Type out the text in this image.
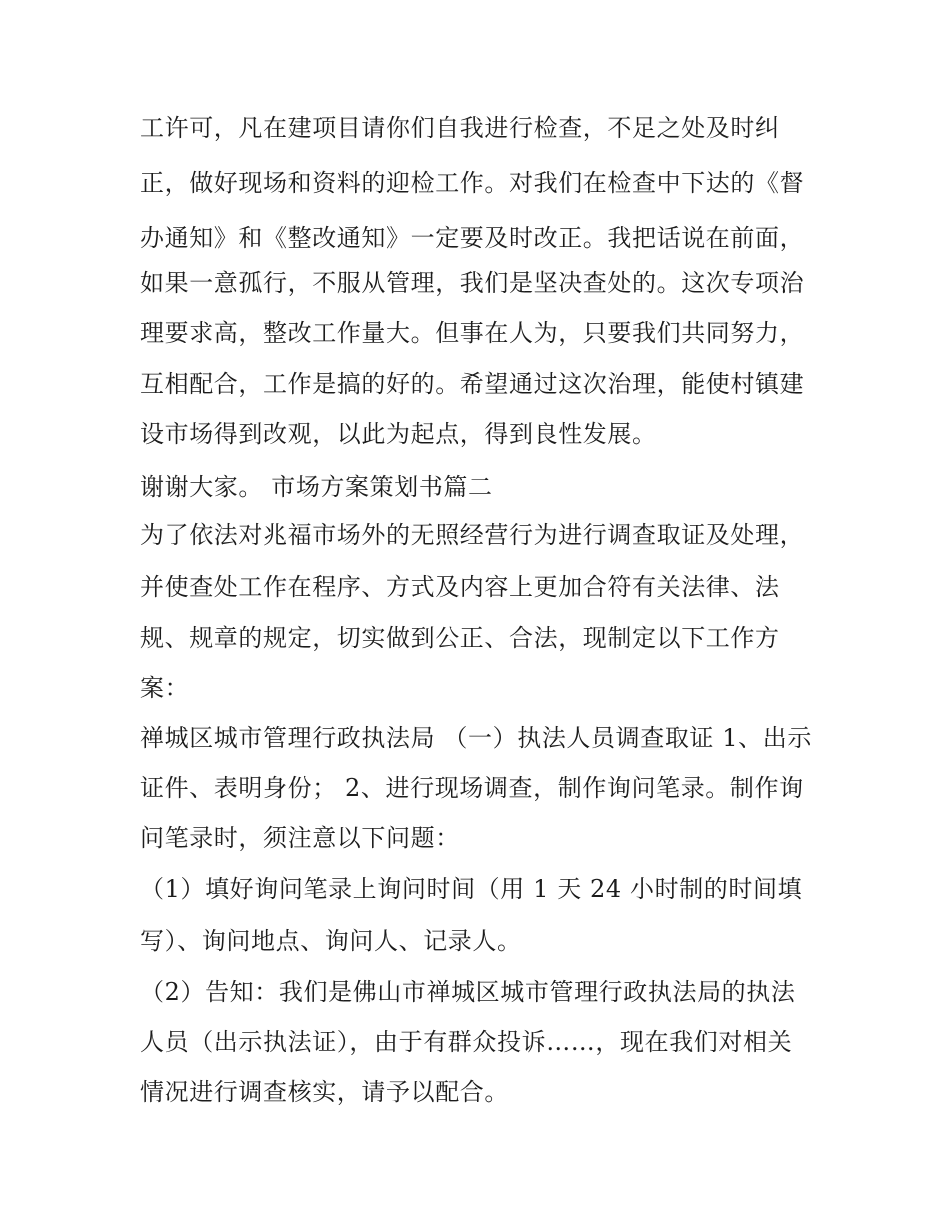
工许可，凡在建项目请你们自我进行检查，不足之处及时纠

正，做好现场和资料的迎检工作。对我们在检查中下达的《督

办通知》和《整改通知》一定要及时改正。我把话说在前面，

如果一意孤行，不服从管理，我们是坚决查处的。这次专项治

理要求高，整改工作量大。但事在人为，只要我们共同努力，

互相配合，工作是搞的好的。希望通过这次治理，能使村镇建

设市场得到改观，以此为起点，得到良性发展。

谢谢大家。 市场方案策划书篇二

为了依法对兆福市场外的无照经营行为进行调查取证及处理，

并使查处工作在程序、方式及内容上更加合符有关法律、法

规、规章的规定，切实做到公正、合法，现制定以下工作方

案：

禅城区城市管理行政执法局 （一）执法人员调查取证 1、出示

证件、表明身份； 2、进行现场调查，制作询问笔录。制作询

问笔录时，须注意以下问题：

（1）填好询问笔录上询问时间（用 1 天 24 小时制的时间填

写）、询问地点、询问人、记录人。

（2）告知：我们是佛山市禅城区城市管理行政执法局的执法

人员（出示执法证），由于有群众投诉……，现在我们对相关

情况进行调查核实，请予以配合。
